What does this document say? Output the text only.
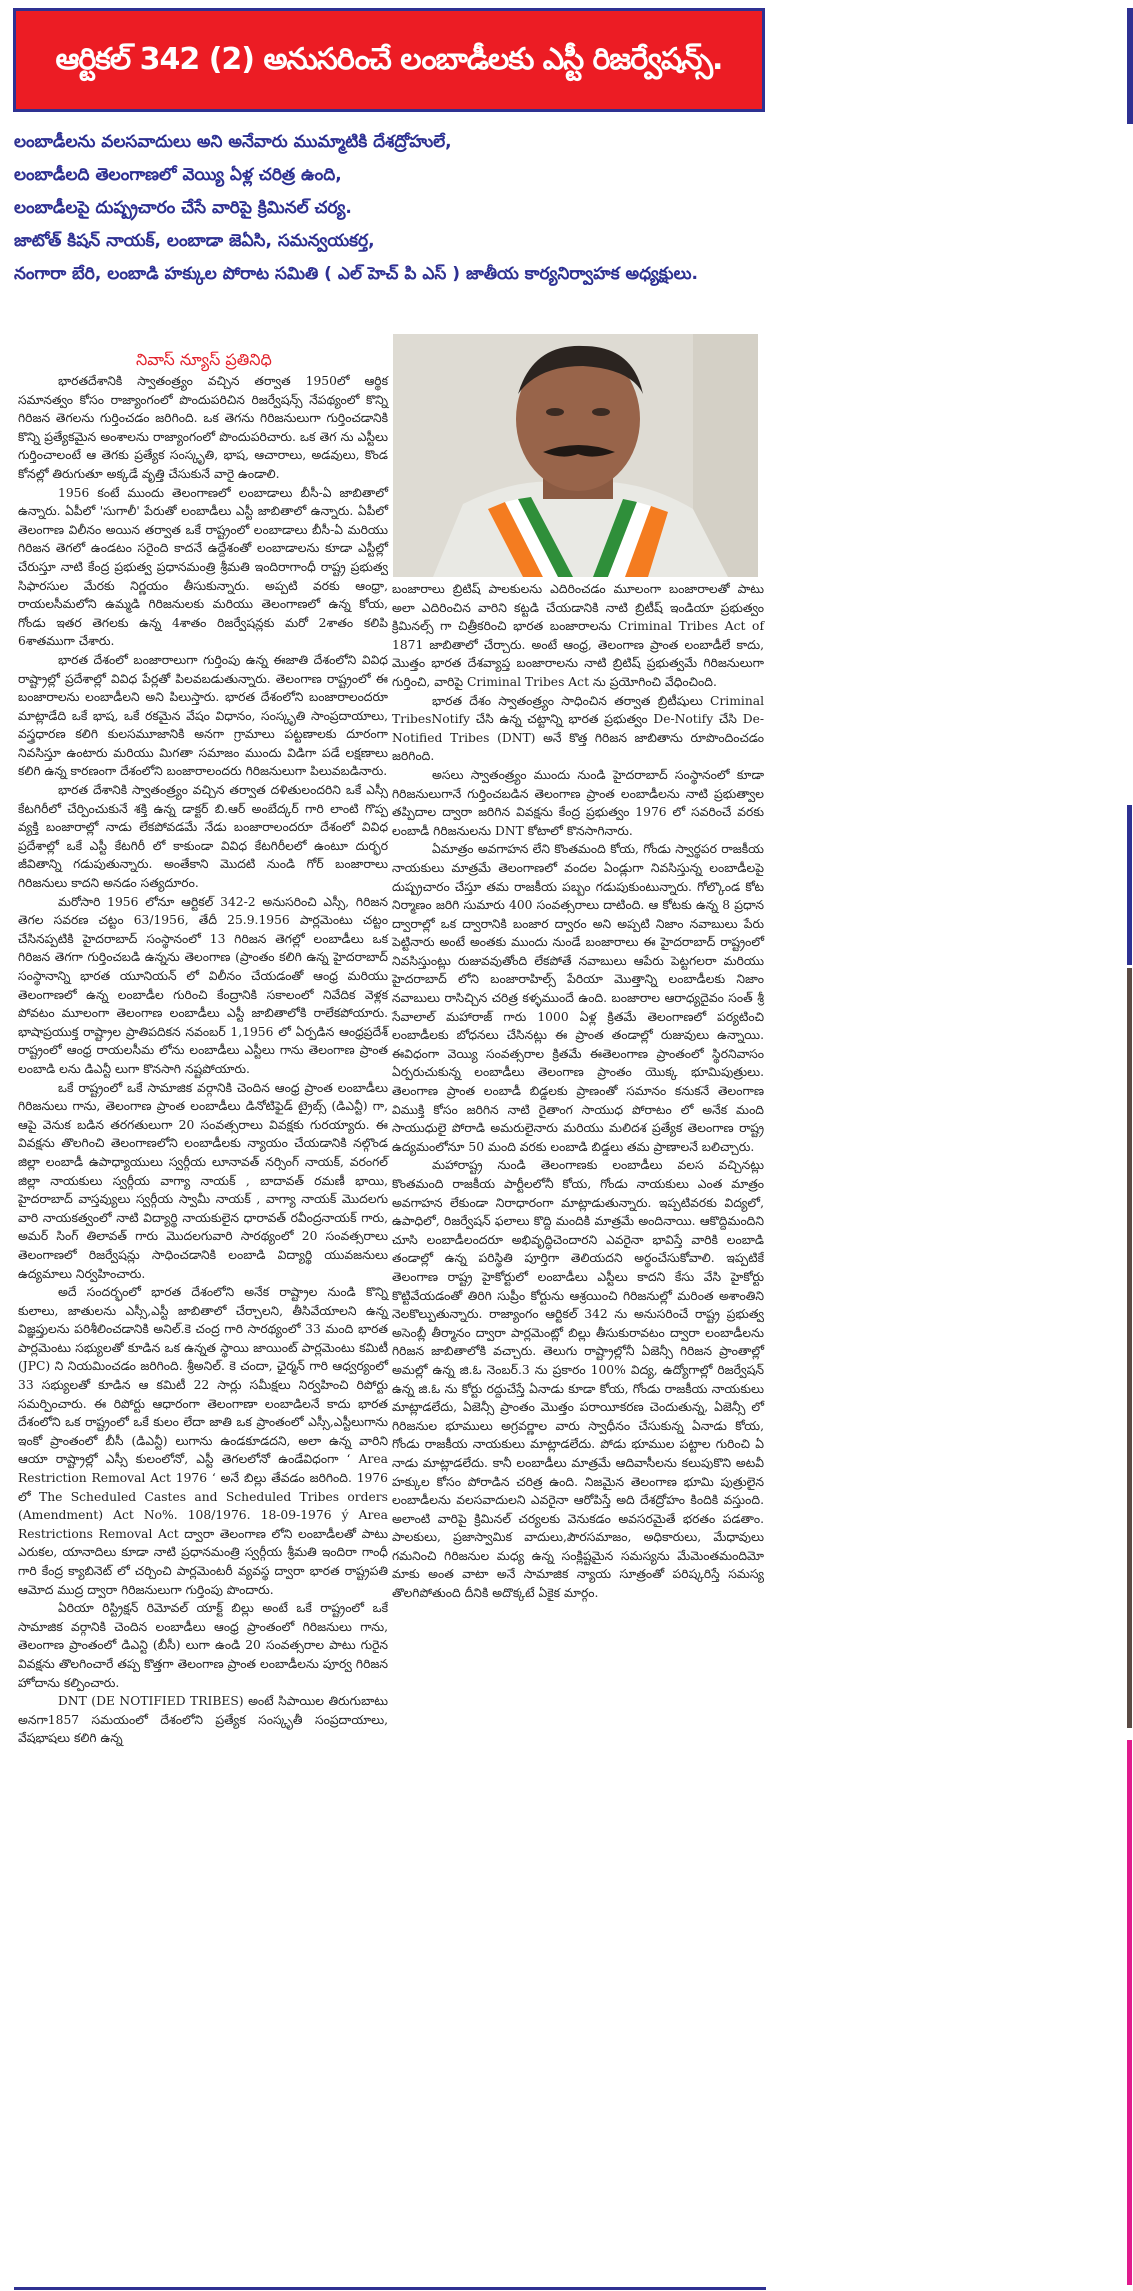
ఆర్టికల్ 342 (2) అనుసరించే లంబాడీలకు ఎస్టీ రిజర్వేషన్స్.
లంబాడీలను వలసవాదులు అని అనేవారు ముమ్మాటికి దేశద్రోహులే,
లంబాడీలది తెలంగాణలో వెయ్యి ఏళ్ల చరిత్ర ఉంది,
లంబాడీలపై దుష్ప్రచారం చేసే వారిపై క్రిమినల్ చర్య.
జాటోత్ కిషన్ నాయక్, లంబాడా జెఏసి, సమన్వయకర్త,
నంగారా బేరి, లంబాడి హక్కుల పోరాట సమితి ( ఎల్ హెచ్ పి ఎస్ ) జాతీయ కార్యనిర్వాహక అధ్యక్షులు.
నివాస్ న్యూస్ ప్రతినిధి

భారతదేశానికి స్వాతంత్ర్యం వచ్చిన తర్వాత 1950లో ఆర్థిక సమానత్వం కోసం రాజ్యాంగంలో పొందుపరిచిన రిజర్వేషన్స్ నేపథ్యంలో కొన్ని గిరిజన తెగలను గుర్తించడం జరిగింది. ఒక తెగను గిరిజనులుగా గుర్తించడానికి కొన్ని ప్రత్యేకమైన అంశాలను రాజ్యాంగంలో పొందుపరిచారు. ఒక తెగ ను ఎస్టీలు గుర్తించాలంటే ఆ తెగకు ప్రత్యేక సంస్కృతి, భాష, ఆచారాలు, అడవులు, కొండ కోనల్లో తిరుగుతూ అక్కడే వృత్తి చేసుకునే వారై ఉండాలి.

1956 కంటే ముందు తెలంగాణలో లంబాడాలు బీసీ-ఏ జాబితాలో ఉన్నారు. ఏపీలో 'సుగాలీ' పేరుతో లంబాడీలు ఎస్టీ జాబితాలో ఉన్నారు. ఏపీలో తెలంగాణ విలీనం అయిన తర్వాత ఒకే రాష్ట్రంలో లంబాడాలు బీసీ-ఏ మరియు గిరిజన తెగలో ఉండటం సరైంది కాదనే ఉద్దేశంతో లంబాడాలను కూడా ఎస్టీల్లో చేరుస్తూ నాటి కేంద్ర ప్రభుత్వ ప్రధానమంత్రి శ్రీమతి ఇందిరాగాంధీ రాష్ట్ర ప్రభుత్వ సిఫారసుల మేరకు నిర్ణయం తీసుకున్నారు. అప్పటి వరకు ఆంధ్రా, రాయలసీమలోని ఉమ్మడి గిరిజనులకు మరియు తెలంగాణలో ఉన్న కోయ, గోండు ఇతర తెగలకు ఉన్న 4శాతం రిజర్వేషన్లకు మరో 2శాతం కలిపి 6శాతముగా చేశారు.

భారత దేశంలో బంజారాలుగా గుర్తింపు ఉన్న ఈజాతి దేశంలోని వివిధ రాష్ట్రాల్లో ప్రదేశాల్లో వివిధ పేర్లతో పిలవబడుతున్నారు. తెలంగాణ రాష్ట్రంలో ఈ బంజారాలను లంబాడీలని అని పిలుస్తారు. భారత దేశంలోని బంజారాలందరూ మాట్లాడేది ఒకే భాష, ఒకే రకమైన వేషం విధానం, సంస్కృతి సాంప్రదాయాలు, వస్త్రధారణ కలిగి కులసమూజానికి అనగా గ్రామాలు పట్టణాలకు దూరంగా నివసిస్తూ ఉంటారు మరియు మిగతా సమాజం ముందు విడిగా పడే లక్షణాలు కలిగి ఉన్న కారణంగా దేశంలోని బంజారాలందరు గిరిజనులుగా పిలువబడినారు.

భారత దేశానికి స్వాతంత్ర్యం వచ్చిన తర్వాత దళితులందరిని ఒకే ఎస్సీ కేటగిరీలో చేర్పించుకునే శక్తి ఉన్న డాక్టర్ బి.ఆర్ అంబేద్కర్ గారి లాంటి గొప్ప వ్యక్తి బంజారాల్లో నాడు లేకపోవడమే నేడు బంజారాలందరూ దేశంలో వివిధ ప్రదేశాల్లో ఒకే ఎస్టీ కేటగిరీ లో కాకుండా వివిధ కేటగిరీలలో ఉంటూ దుర్భర జీవితాన్ని గడుపుతున్నారు. అంతేకాని మొదటి నుండి గోర్ బంజారాలు గిరిజనులు కాదని అనడం సత్యదూరం.

మరోసారి 1956 లోనూ ఆర్టికల్ 342-2 అనుసరించి ఎస్సీ, గిరిజన తెగల సవరణ చట్టం 63/1956, తేదీ 25.9.1956 పార్లమెంటు చట్టం చేసినప్పటికి హైదరాబాద్ సంస్థానంలో 13 గిరిజన తెగల్లో లంబాడీలు ఒక గిరిజన తెగగా గుర్తించబడి ఉన్నను తెలంగాణ (ప్రాంతం కలిగి ఉన్న హైదరాబాద్ సంస్థానాన్ని భారత యూనియన్ లో విలీనం చేయడంతో ఆంధ్ర మరియు తెలంగాణలో ఉన్న లంబాడీల గురించి కేంద్రానికి సకాలంలో నివేదిక వెళ్లక పోవటం మూలంగా తెలంగాణ లంబాడీలు ఎస్టీ జాబితాలోకి రాలేకపోయారు. భాషాప్రయుక్త రాష్ట్రాల ప్రాతిపదికన నవంబర్ 1,1956 లో ఏర్పడిన ఆంధ్రప్రదేశ్ రాష్ట్రంలో ఆంధ్ర రాయలసీమ లోను లంబాడీలు ఎస్టీలు గాను తెలంగాణ ప్రాంత లంబాడి లను డిఎన్టీ లుగా కొనసాగి నష్టపోయారు.

ఒకే రాష్ట్రంలో ఒకే సామాజిక వర్గానికి చెందిన ఆంధ్ర ప్రాంత లంబాడీలు గిరిజనులు గాను, తెలంగాణ ప్రాంత లంబాడీలు డినోటిఫైడ్ ట్రైబ్స్ (డిఎన్టీ) గా, ఆపై వెనుక బడిన తరగతులుగా 20 సంవత్సరాలు వివక్షకు గురయ్యారు. ఈ వివక్షను తొలగించి తెలంగాణలోని లంబాడీలకు న్యాయం చేయడానికి నల్గొండ జిల్లా లంబాడీ ఉపాధ్యాయులు స్వర్గీయ లూనావత్ నర్సింగ్ నాయక్, వరంగల్ జిల్లా నాయకులు స్వర్గీయ వాగ్యా నాయక్ , బాదావత్ రమణీ భాయి, హైదరాబాద్ వాస్తవ్యులు స్వర్గీయ స్వామీ నాయక్ , వాగ్యా నాయక్ మొదలగు వారి నాయకత్వంలో నాటి విద్యార్థి నాయకులైన ధారావత్ రవీంద్రనాయక్ గారు, అమర్ సింగ్ తిలావత్ గారు మొదలగువారి సారథ్యంలో 20 సంవత్సరాలు తెలంగాణలో రిజర్వేషన్లు సాధించడానికి లంబాడి విద్యార్థి యువజనులు ఉద్యమాలు నిర్వహించారు.

అదే సందర్భంలో భారత దేశంలోని అనేక రాష్ట్రాల నుండి కొన్ని కులాలు, జాతులను ఎస్సీ,ఎస్టీ జాబితాలో చేర్చాలని, తీసివేయాలని ఉన్న విజ్ఞప్తులను పరిశీలించడానికి అనిల్.కె చంద్ర గారి సారథ్యంలో 33 మంది భారత పార్లమెంటు సభ్యులతో కూడిన ఒక ఉన్నత స్థాయి జాయింట్ పార్లమెంటు కమిటీ (JPC) ని నియమించడం జరిగింది. శ్రీఅనిల్. కె చందా, ఛైర్మన్ గారి ఆధ్వర్యంలో 33 సభ్యులతో కూడిన ఆ కమిటీ 22 సార్లు సమీక్షలు నిర్వహించి రిపోర్టు సమర్పించారు. ఈ రిపోర్టు ఆధారంగా తెలంగాణా లంబాడిలనే కాదు భారత దేశంలోని ఒక రాష్ట్రంలో ఒకే కులం లేదా జాతి ఒక ప్రాంతంలో ఎస్సీ,ఎస్టీలుగాను ఇంకో ప్రాంతంలో బీసీ (డిఎన్టీ) లుగాను ఉండకూడదని, అలా ఉన్న వారిని ఆయా రాష్ట్రాల్లో ఎస్సీ కులంలోనో, ఎస్టీ తెగలలోనో ఉండేవిధంగా ‘ Area Restriction Removal Act 1976 ‘ అనే బిల్లు తేవడం జరిగింది. 1976 లో The Scheduled Castes and Scheduled Tribes orders (Amendment) Act No%. 108/1976. 18-09-1976 ý Area Restrictions Removal Act ద్వారా తెలంగాణ లోని లంబాడీలతో పాటు ఎరుకల, యానాదిలు కూడా నాటి ప్రధానమంత్రి స్వర్గీయ శ్రీమతి ఇందిరా గాంధీ గారి కేంద్ర క్యాబినెట్ లో చర్చించి పార్లమెంటరీ వ్యవస్థ ద్వారా భారత రాష్ట్రపతి ఆమోద ముద్ర ద్వారా గిరిజనులుగా గుర్తింపు పొందారు.

ఏరియా రిస్ట్రిక్షన్ రిమోవల్ యాక్ట్ బిల్లు అంటే ఒకే రాష్ట్రంలో ఒకే సామాజిక వర్గానికి చెందిన లంబాడీలు ఆంధ్ర ప్రాంతంలో గిరిజనులు గాను, తెలంగాణ ప్రాంతంలో డిఎన్టి (బీసీ) లుగా ఉండి 20 సంవత్సరాల పాటు గురైన వివక్షను తొలగించారే తప్ప కొత్తగా తెలంగాణ ప్రాంత లంబాడీలను పూర్వ గిరిజన హోదాను కల్పించారు.

DNT (DE NOTIFIED TRIBES) అంటే సిపాయిల తిరుగుబాటు అనగా1857 సమయంలో దేశంలోని ప్రత్యేక సంస్కృతీ సంప్రదాయాలు, వేషభాషలు కలిగి ఉన్న

బంజారాలు బ్రిటిష్ పాలకులను ఎదిరించడం మూలంగా బంజారాలతో పాటు అలా ఎదిరించిన వారిని కట్టడి చేయడానికి నాటి బ్రిటీష్ ఇండియా ప్రభుత్వం క్రిమినల్స్ గా చిత్రీకరించి భారత బంజారాలను Criminal Tribes Act of 1871 జాబితాలో చేర్చారు. అంటే ఆంధ్ర, తెలంగాణ ప్రాంత లంబాడీలే కాదు, మొత్తం భారత దేశవ్యాప్త బంజారాలను నాటి బ్రిటిష్ ప్రభుత్వమే గిరిజనులుగా గుర్తించి, వారిపై Criminal Tribes Act ను ప్రయోగించి వేధించింది.

భారత దేశం స్వాతంత్ర్యం సాధించిన తర్వాత బ్రిటీషులు Criminal TribesNotify చేసి ఉన్న చట్టాన్ని భారత ప్రభుత్వం De-Notify చేసి De-Notified Tribes (DNT) అనే కొత్త గిరిజన జాబితాను రూపొందించడం జరిగింది.

అసలు స్వాతంత్ర్యం ముందు నుండి హైదరాబాద్ సంస్థానంలో కూడా గిరిజనులుగానే గుర్తించబడిన తెలంగాణ ప్రాంత లంబాడీలను నాటి ప్రభుత్వాల తప్పిదాల ద్వారా జరిగిన వివక్షను కేంద్ర ప్రభుత్వం 1976 లో సవరించే వరకు లంబాడీ గిరిజనులను DNT కోటాలో కొనసాగినారు.

ఏమాత్రం అవగాహన లేని కొంతమంది కోయ, గోండు స్వార్థపర రాజకీయ నాయకులు మాత్రమే తెలంగాణలో వందల ఏండ్లుగా నివసిస్తున్న లంబాడీలపై దుష్ప్రచారం చేస్తూ తమ రాజకీయ పబ్బం గడుపుకుంటున్నారు. గోల్కొండ కోట నిర్మాణం జరిగి సుమారు 400 సంవత్సరాలు దాటింది. ఆ కోటకు ఉన్న 8 ప్రధాన ద్వారాల్లో ఒక ద్వారానికి బంజార ద్వారం అని అప్పటి నిజాం నవాబులు పేరు పెట్టినారు అంటే అంతకు ముందు నుండే బంజారాలు ఈ హైదరాబాద్ రాష్ట్రంలో నివసిస్తుంట్లు రుజువవుతోంది లేకపోతే నవాబులు ఆపేరు పెట్టగలరా మరియు హైదరాబాద్ లోని బంజారాహిల్స్ పేరియా మొత్తాన్ని లంబాడీలకు నిజాం నవాబులు రాసిచ్చిన చరిత్ర కళ్ళముందే ఉంది. బంజారాల ఆరాధ్యదైవం సంత్ శ్రీ సేవాలాల్ మహారాజ్ గారు 1000 ఏళ్ల క్రితమే తెలంగాణలో పర్యటించి లంబాడీలకు బోధనలు చేసినట్లు ఈ ప్రాంత తండాల్లో రుజువులు ఉన్నాయి. ఈవిధంగా వెయ్యి సంవత్సరాల క్రితమే ఈతెలంగాణ ప్రాంతంలో స్థిరనివాసం ఏర్పరుచుకున్న లంబాడీలు తెలంగాణ ప్రాంతం యొక్క భూమిపుత్రులు. తెలంగాణ ప్రాంత లంబాడీ బిడ్డలకు ప్రాణంతో సమానం కనుకనే తెలంగాణ విముక్తి కోసం జరిగిన నాటి రైతాంగ సాయుధ పోరాటం లో అనేక మంది సాయుధులై పోరాడి అమరులైనారు మరియు మలిదశ ప్రత్యేక తెలంగాణ రాష్ట్ర ఉద్యమంలోనూ 50 మంది వరకు లంబాడి బిడ్డలు తమ ప్రాణాలనే బలిచ్చారు.

మహారాష్ట్ర నుండి తెలంగాణకు లంబాడీలు వలస వచ్చినట్లు కొంతమంది రాజకీయ పార్టీలలోనీ కోయ, గోండు నాయకులు ఎంత మాత్రం అవగాహన లేకుండా నిరాధారంగా మాట్లాడుతున్నారు. ఇప్పటివరకు విద్యలో, ఉపాధిలో, రిజర్వేషన్ ఫలాలు కొద్ది మందికి మాత్రమే అందినాయి. ఆకొద్దిమందిని చూసి లంబాడీలందరూ అభివృద్ధిచెందారని ఎవరైనా భావిస్తే వారికి లంబాడి తండాల్లో ఉన్న పరిస్థితి పూర్తిగా తెలియదని అర్థంచేసుకోవాలి. ఇప్పటికే తెలంగాణ రాష్ట్ర హైకోర్టులో లంబాడీలు ఎస్టీలు కాదని కేసు వేసి హైకోర్టు కొట్టివేయడంతో తిరిగి సుప్రీం కోర్టును ఆశ్రయించి గిరిజనుల్లో మరింత అశాంతిని నెలకొల్పుతున్నారు. రాజ్యాంగం ఆర్టికల్ 342 ను అనుసరించే రాష్ట్ర ప్రభుత్వ అసెంబ్లీ తీర్మానం ద్వారా పార్లమెంట్లో బిల్లు తీసుకురావటం ద్వారా లంబాడీలను గిరిజన జాబితాలోకి వచ్చారు. తెలుగు రాష్ట్రాల్లోనీ ఏజెన్సీ గిరిజన ప్రాంతాల్లో అమల్లో ఉన్న జి.ఓ నెంబర్.3 ను ప్రకారం 100% విద్య, ఉద్యోగాల్లో రిజర్వేషన్ ఉన్న జి.ఓ ను కోర్టు రద్దుచేస్తే ఏనాడు కూడా కోయ, గోండు రాజకీయ నాయకులు మాట్లాడలేదు, ఏజెన్సీ ప్రాంతం మొత్తం పరాయీకరణ చెందుతున్న, ఏజెన్సీ లో గిరిజనుల భూములు అగ్రవర్ణాల వారు స్వాధీనం చేసుకున్న ఏనాడు కోయ, గోండు రాజకీయ నాయకులు మాట్లాడలేదు. పోడు భూముల పట్టాల గురించి ఏ నాడు మాట్లాడలేదు. కానీ లంబాడీలు మాత్రమే ఆదివాసీలను కలుపుకొని అటవీ హక్కుల కోసం పోరాడిన చరిత్ర ఉంది. నిజమైన తెలంగాణ భూమి పుత్రులైన లంబాడీలను వలసవాదులని ఎవరైనా ఆరోపిస్తే అది దేశద్రోహం కిందికి వస్తుంది. అలాంటి వారిపై క్రిమినల్ చర్యలకు వెనుకడం అవసరమైతే భరతం పడతాం. పాలకులు, ప్రజాస్వామిక వాదులు,పౌరసమాజం, అధికారులు, మేధావులు గమనించి గిరిజనుల మధ్య ఉన్న సంక్లిష్టమైన సమస్యను మేమెంతమందిమో మాకు అంత వాటా అనే సామాజిక న్యాయ సూత్రంతో పరిష్కరిస్తే సమస్య తొలగిపోతుంది దీనికి అదొక్కటే ఏకైక మార్గం.
